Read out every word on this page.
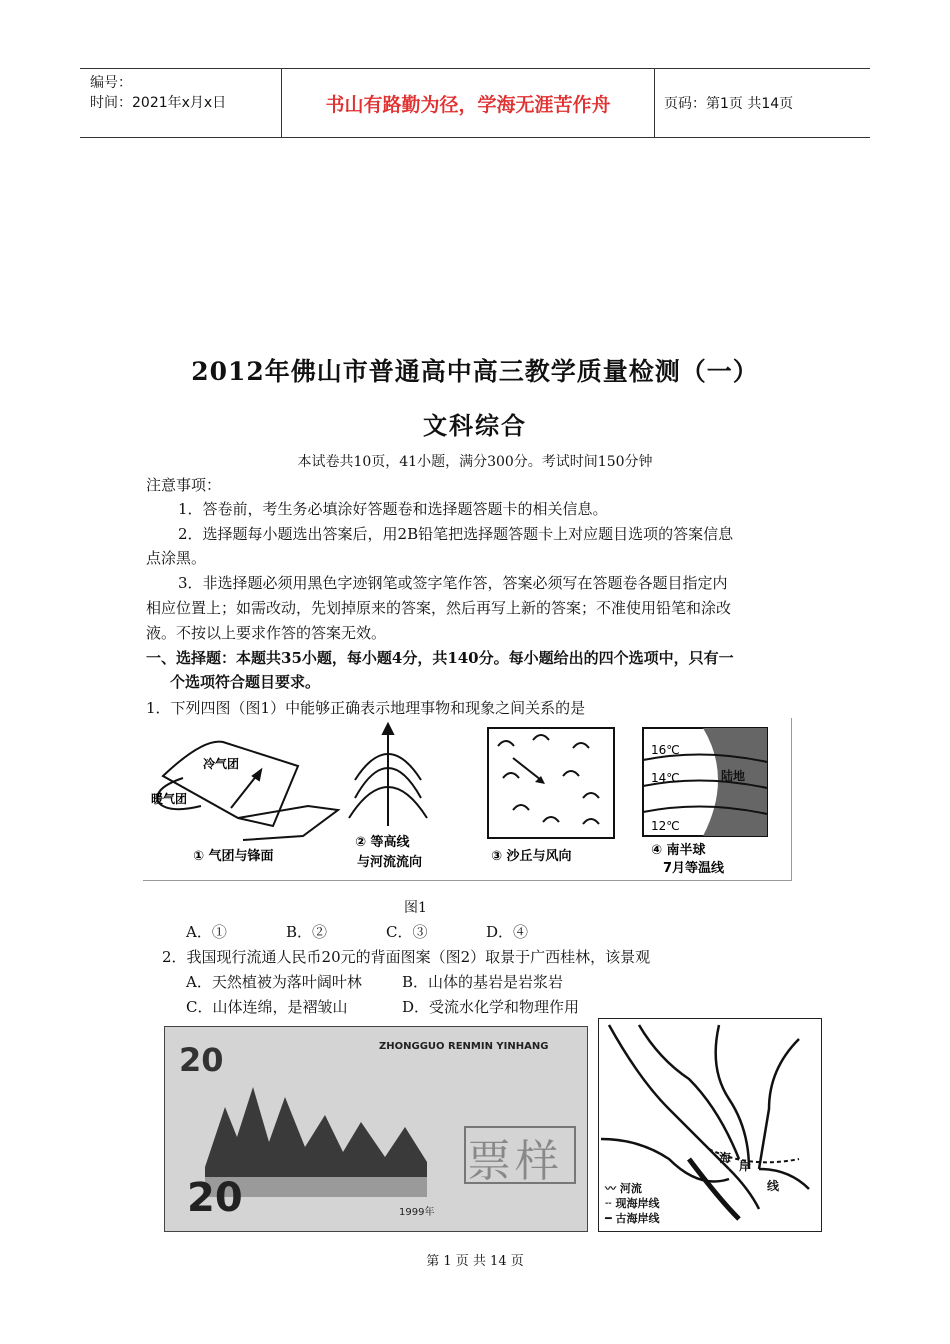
编号：
时间：2021年x月x日	书山有路勤为径，学海无涯苦作舟	页码：第1页 共14页
2012年佛山市普通高中高三教学质量检测（一）
文科综合
本试卷共10页，41小题，满分300分。考试时间150分钟
注意事项：
1．答卷前，考生务必填涂好答题卷和选择题答题卡的相关信息。
2．选择题每小题选出答案后，用2B铅笔把选择题答题卡上对应题目选项的答案信息
点涂黑。
3．非选择题必须用黑色字迹钢笔或签字笔作答，答案必须写在答题卷各题目指定内
相应位置上；如需改动，先划掉原来的答案，然后再写上新的答案；不准使用铅笔和涂改
液。不按以上要求作答的答案无效。
一、选择题：本题共35小题，每小题4分，共140分。每小题给出的四个选项中，只有一
个选项符合题目要求。
1．下列四图（图1）中能够正确表示地理事物和现象之间关系的是
冷气团
暖气团
① 气团与锋面
② 等高线
与河流流向	③ 沙丘与风向
16℃
14℃
12℃
陆地
④ 南半球
7月等温线
图1
A．①	B．②	C．③	D．④
2．我国现行流通人民币20元的背面图案（图2）取景于广西桂林，该景观
A．天然植被为落叶阔叶林	B．山体的基岩是岩浆岩
C．山体连绵，是褶皱山	D．受流水化学和物理作用
20
20
ZHONGGUO RENMIN YINHANG
票样
1999年
海
岸
线
〰 河流
╌ 现海岸线
━ 古海岸线
第 1 页 共 14 页
